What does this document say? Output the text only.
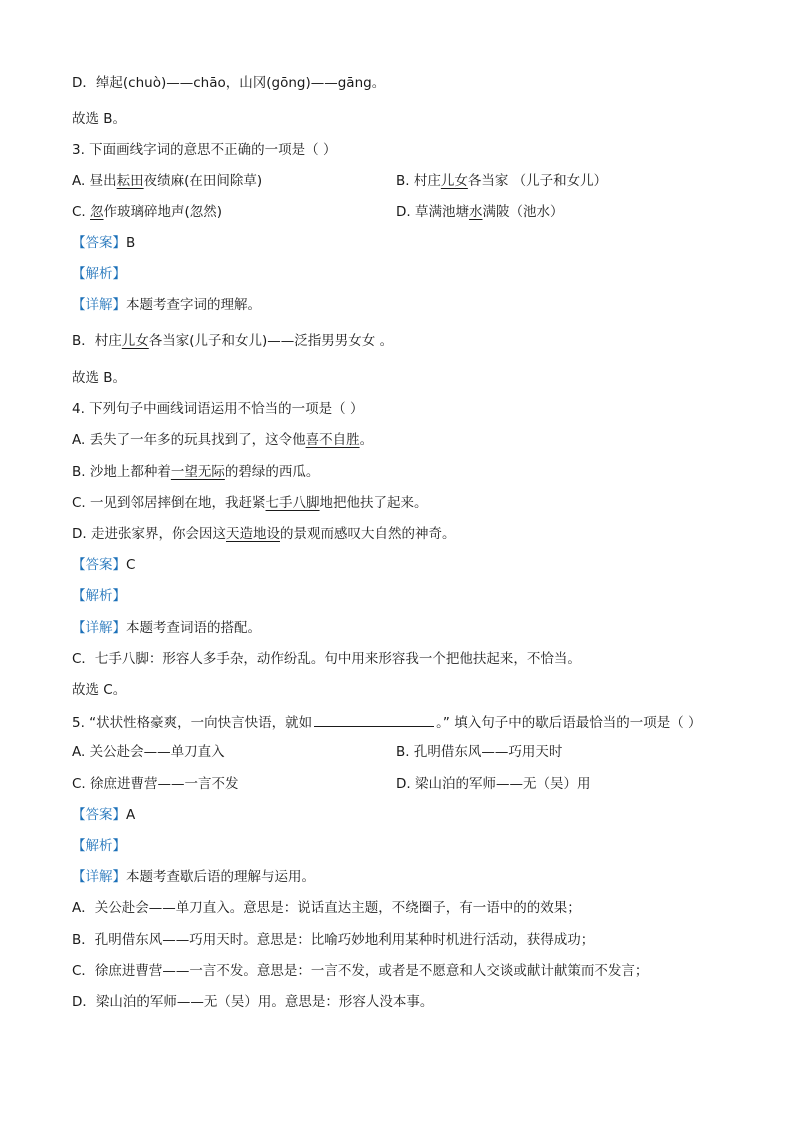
D．绰起(chuò)——chāo，山冈(gōng)——gāng。
故选 B。
3. 下面画线字词的意思不正确的一项是（ ）
A. 昼出耘田夜绩麻(在田间除草)	B. 村庄儿女各当家 （儿子和女儿）
C. 忽作玻璃碎地声(忽然)	D. 草满池塘水满陂（池水）
【答案】B
【解析】
【详解】本题考查字词的理解。
B．村庄儿女各当家(儿子和女儿)——泛指男男女女 。
故选 B。
4. 下列句子中画线词语运用不恰当的一项是（ ）
A. 丢失了一年多的玩具找到了，这令他喜不自胜。
B. 沙地上都种着一望无际的碧绿的西瓜。
C. 一见到邻居摔倒在地，我赶紧七手八脚地把他扶了起来。
D. 走进张家界，你会因这天造地设的景观而感叹大自然的神奇。
【答案】C
【解析】
【详解】本题考查词语的搭配。
C．七手八脚：形容人多手杂，动作纷乱。句中用来形容我一个把他扶起来，不恰当。
故选 C。
5. “状状性格豪爽，一向快言快语，就如	。” 填入句子中的歇后语最恰当的一项是（ ）
A. 关公赴会——单刀直入	B. 孔明借东风——巧用天时
C. 徐庶进曹营——一言不发	D. 梁山泊的军师——无（吴）用
【答案】A
【解析】
【详解】本题考查歇后语的理解与运用。
A．关公赴会——单刀直入。意思是：说话直达主题，不绕圈子，有一语中的的效果；
B．孔明借东风——巧用天时。意思是：比喻巧妙地利用某种时机进行活动，获得成功；
C．徐庶进曹营——一言不发。意思是：一言不发，或者是不愿意和人交谈或献计献策而不发言；
D．梁山泊的军师——无（吴）用。意思是：形容人没本事。
